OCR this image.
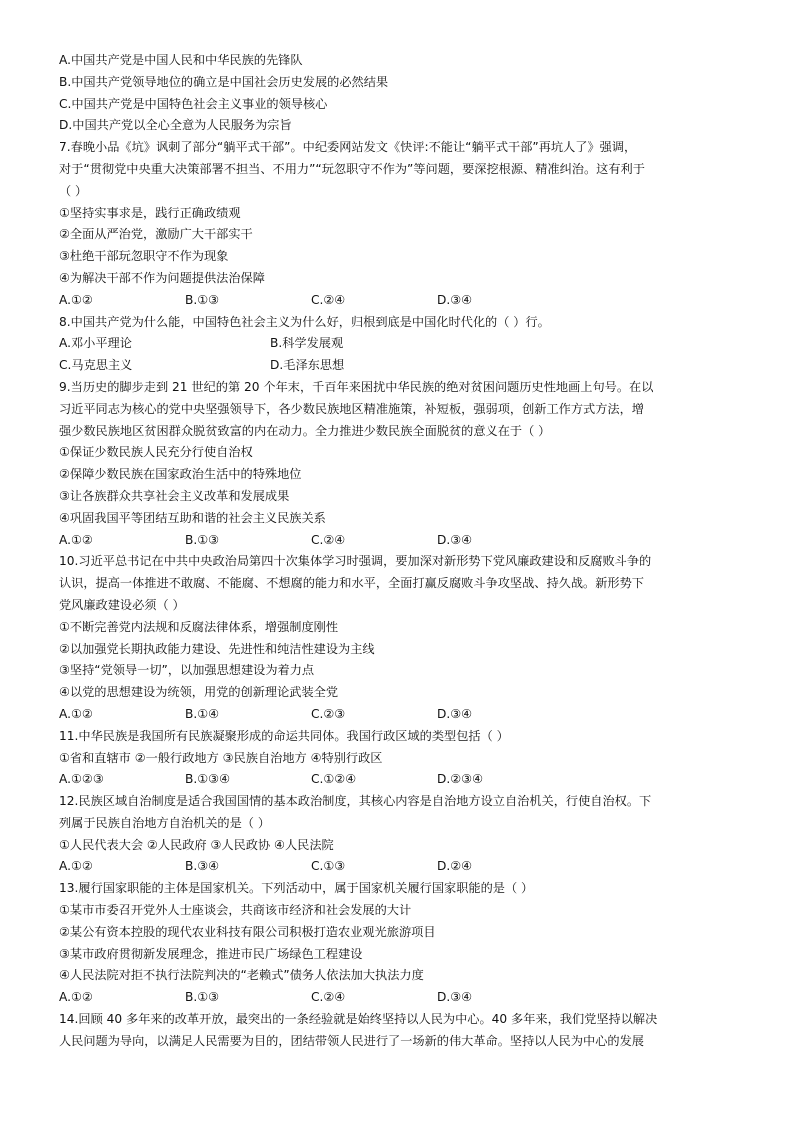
A.中国共产党是中国人民和中华民族的先锋队
B.中国共产党领导地位的确立是中国社会历史发展的必然结果
C.中国共产党是中国特色社会主义事业的领导核心
D.中国共产党以全心全意为人民服务为宗旨
7.春晚小品《坑》讽刺了部分“躺平式干部”。中纪委网站发文《快评:不能让“躺平式干部”再坑人了》强调，
对于“贯彻党中央重大决策部署不担当、不用力”“玩忽职守不作为”等问题，要深挖根源、精准纠治。这有利于
（ ）
①坚持实事求是，践行正确政绩观
②全面从严治党，激励广大干部实干
③杜绝干部玩忽职守不作为现象
④为解决干部不作为问题提供法治保障
A.①②	B.①③	C.②④	D.③④
8.中国共产党为什么能，中国特色社会主义为什么好，归根到底是中国化时代化的（ ）行。
A.邓小平理论	B.科学发展观
C.马克思主义	D.毛泽东思想
9.当历史的脚步走到 21 世纪的第 20 个年末，千百年来困扰中华民族的绝对贫困问题历史性地画上句号。在以
习近平同志为核心的党中央坚强领导下，各少数民族地区精准施策，补短板，强弱项，创新工作方式方法，增
强少数民族地区贫困群众脱贫致富的内在动力。全力推进少数民族全面脱贫的意义在于（ ）
①保证少数民族人民充分行使自治权
②保障少数民族在国家政治生活中的特殊地位
③让各族群众共享社会主义改革和发展成果
④巩固我国平等团结互助和谐的社会主义民族关系
A.①②	B.①③	C.②④	D.③④
10.习近平总书记在中共中央政治局第四十次集体学习时强调，要加深对新形势下党风廉政建设和反腐败斗争的
认识，提高一体推进不敢腐、不能腐、不想腐的能力和水平，全面打赢反腐败斗争攻坚战、持久战。新形势下
党风廉政建设必须（ ）
①不断完善党内法规和反腐法律体系，增强制度刚性
②以加强党长期执政能力建设、先进性和纯洁性建设为主线
③坚持“党领导一切”，以加强思想建设为着力点
④以党的思想建设为统领，用党的创新理论武装全党
A.①②	B.①④	C.②③	D.③④
11.中华民族是我国所有民族凝聚形成的命运共同体。我国行政区域的类型包括（ ）
①省和直辖市 ②一般行政地方 ③民族自治地方 ④特别行政区
A.①②③	B.①③④	C.①②④	D.②③④
12.民族区域自治制度是适合我国国情的基本政治制度，其核心内容是自治地方设立自治机关，行使自治权。下
列属于民族自治地方自治机关的是（ ）
①人民代表大会 ②人民政府 ③人民政协 ④人民法院
A.①②	B.③④	C.①③	D.②④
13.履行国家职能的主体是国家机关。下列活动中，属于国家机关履行国家职能的是（ ）
①某市市委召开党外人士座谈会，共商该市经济和社会发展的大计
②某公有资本控股的现代农业科技有限公司积极打造农业观光旅游项目
③某市政府贯彻新发展理念，推进市民广场绿色工程建设
④人民法院对拒不执行法院判决的“老赖式”债务人依法加大执法力度
A.①②	B.①③	C.②④	D.③④
14.回顾 40 多年来的改革开放，最突出的一条经验就是始终坚持以人民为中心。40 多年来，我们党坚持以解决
人民问题为导向，以满足人民需要为目的，团结带领人民进行了一场新的伟大革命。坚持以人民为中心的发展
